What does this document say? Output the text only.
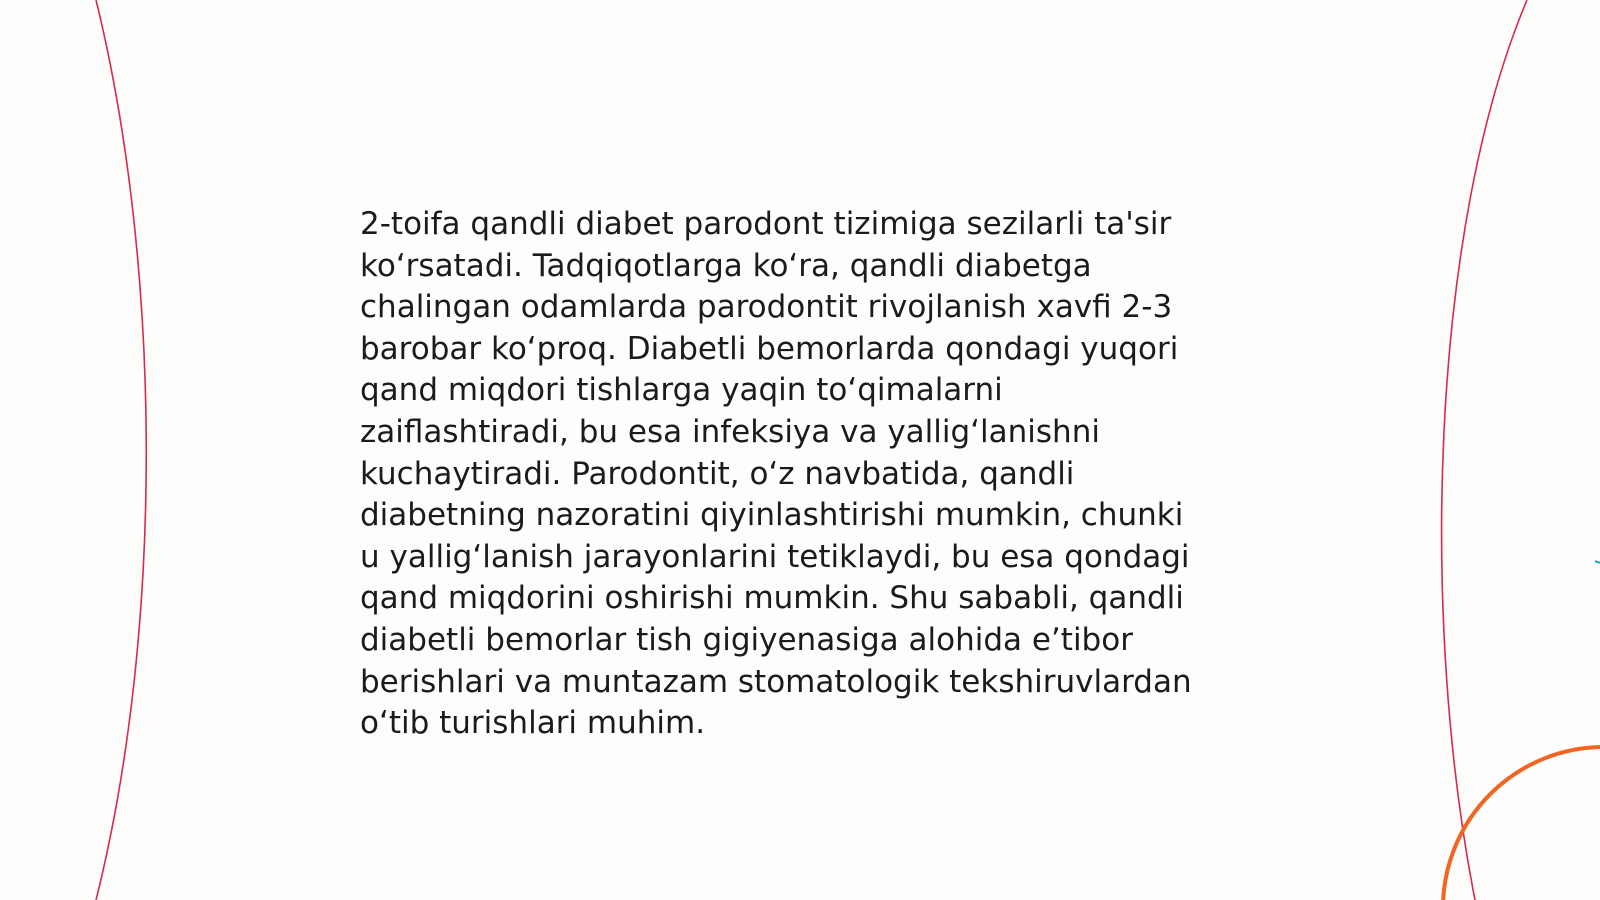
2-toifa qandli diabet parodont tizimiga sezilarli ta'sir
ko‘rsatadi. Tadqiqotlarga ko‘ra, qandli diabetga
chalingan odamlarda parodontit rivojlanish xavfi 2-3
barobar ko‘proq. Diabetli bemorlarda qondagi yuqori
qand miqdori tishlarga yaqin to‘qimalarni
zaiflashtiradi, bu esa infeksiya va yallig‘lanishni
kuchaytiradi. Parodontit, o‘z navbatida, qandli
diabetning nazoratini qiyinlashtirishi mumkin, chunki
u yallig‘lanish jarayonlarini tetiklaydi, bu esa qondagi
qand miqdorini oshirishi mumkin. Shu sababli, qandli
diabetli bemorlar tish gigiyenasiga alohida e’tibor
berishlari va muntazam stomatologik tekshiruvlardan
o‘tib turishlari muhim.
